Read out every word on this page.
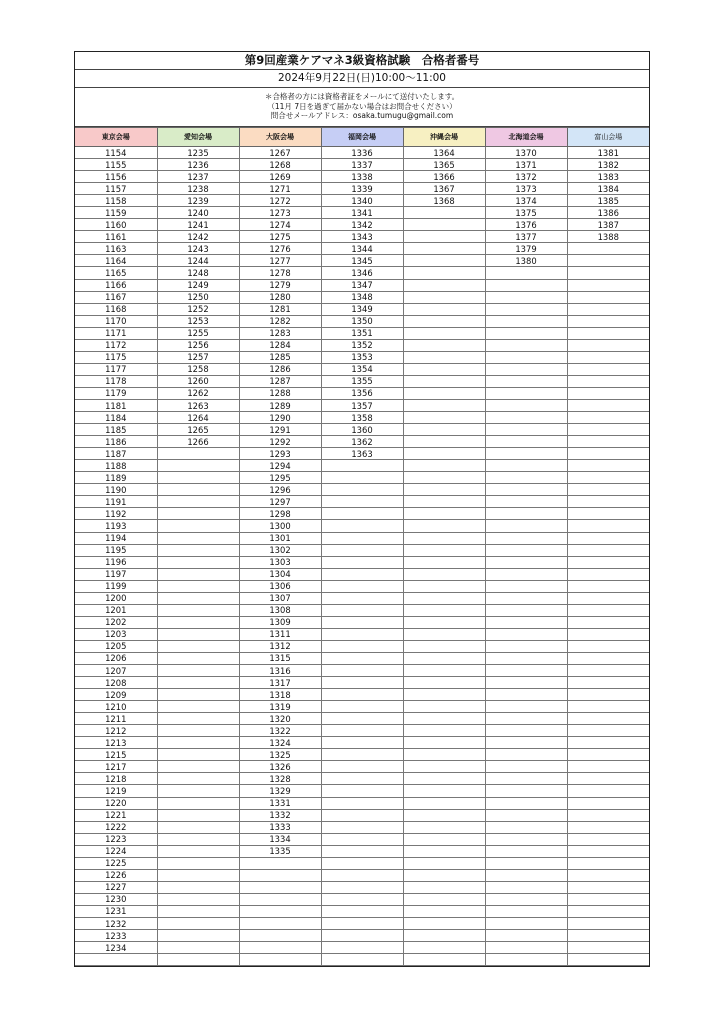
第9回産業ケアマネ3級資格試験　合格者番号
2024年9月22日(日)10:00～11:00
＊合格者の方には資格者証をメールにて送付いたします。
（11月 7日を過ぎて届かない場合はお問合せください）
問合せメールアドレス：osaka.tumugu@gmail.com
東京会場	愛知会場	大阪会場	福岡会場	沖縄会場	北海道会場	富山会場
1154	1235	1267	1336	1364	1370	1381
1155	1236	1268	1337	1365	1371	1382
1156	1237	1269	1338	1366	1372	1383
1157	1238	1271	1339	1367	1373	1384
1158	1239	1272	1340	1368	1374	1385
1159	1240	1273	1341		1375	1386
1160	1241	1274	1342		1376	1387
1161	1242	1275	1343		1377	1388
1163	1243	1276	1344		1379	
1164	1244	1277	1345		1380	
1165	1248	1278	1346			
1166	1249	1279	1347			
1167	1250	1280	1348			
1168	1252	1281	1349			
1170	1253	1282	1350			
1171	1255	1283	1351			
1172	1256	1284	1352			
1175	1257	1285	1353			
1177	1258	1286	1354			
1178	1260	1287	1355			
1179	1262	1288	1356			
1181	1263	1289	1357			
1184	1264	1290	1358			
1185	1265	1291	1360			
1186	1266	1292	1362			
1187		1293	1363			
1188		1294				
1189		1295				
1190		1296				
1191		1297				
1192		1298				
1193		1300				
1194		1301				
1195		1302				
1196		1303				
1197		1304				
1199		1306				
1200		1307				
1201		1308				
1202		1309				
1203		1311				
1205		1312				
1206		1315				
1207		1316				
1208		1317				
1209		1318				
1210		1319				
1211		1320				
1212		1322				
1213		1324				
1215		1325				
1217		1326				
1218		1328				
1219		1329				
1220		1331				
1221		1332				
1222		1333				
1223		1334				
1224		1335				
1225						
1226						
1227						
1230						
1231						
1232						
1233						
1234						
